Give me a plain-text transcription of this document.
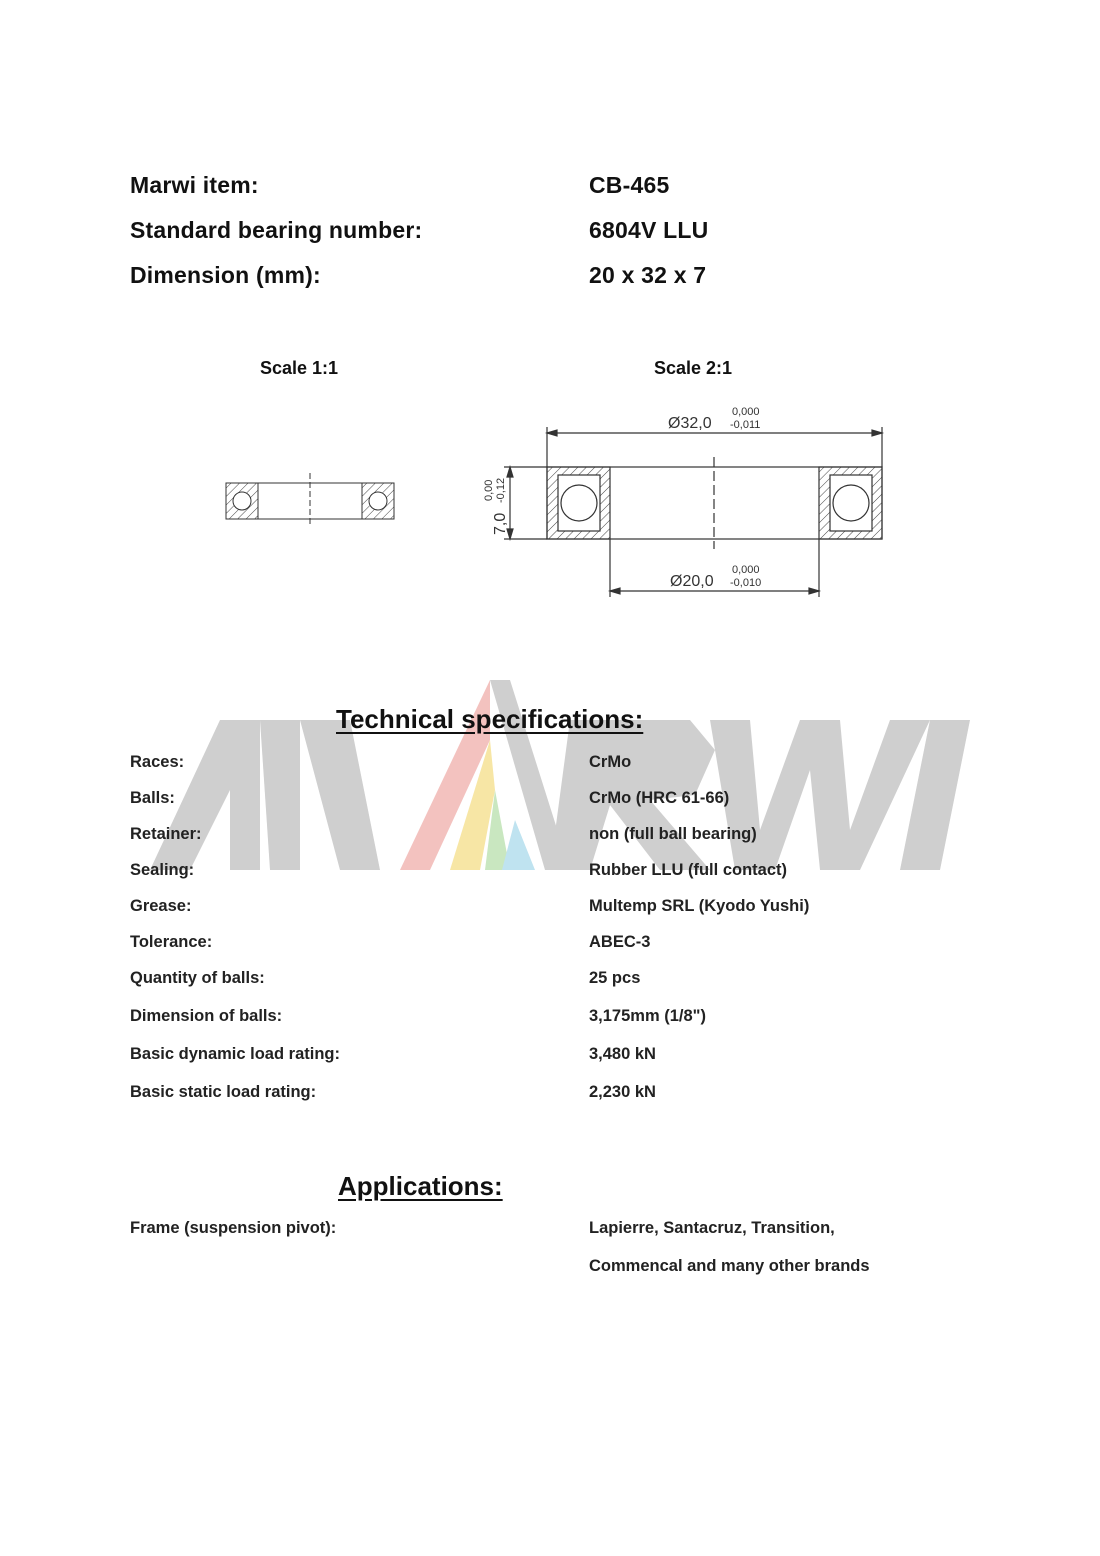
Marwi item:	CB-465
Standard bearing number:	6804V LLU
Dimension (mm):	20 x 32 x 7
Scale 1:1	Scale 2:1
Ø32,0
0,000
-0,011
Ø20,0
0,000
-0,010
7,0
0,00 -0,12
Technical specifications:
Races:	CrMo
Balls:	CrMo (HRC 61-66)
Retainer:	non (full ball bearing)
Sealing:	Rubber LLU (full contact)
Grease:	Multemp SRL (Kyodo Yushi)
Tolerance:	ABEC-3
Quantity of balls:	25 pcs
Dimension of balls:	3,175mm (1/8")
Basic dynamic load rating:	3,480 kN
Basic static load rating:	2,230 kN
Applications:
Frame (suspension pivot):	Lapierre, Santacruz, Transition,
Commencal and many other brands
